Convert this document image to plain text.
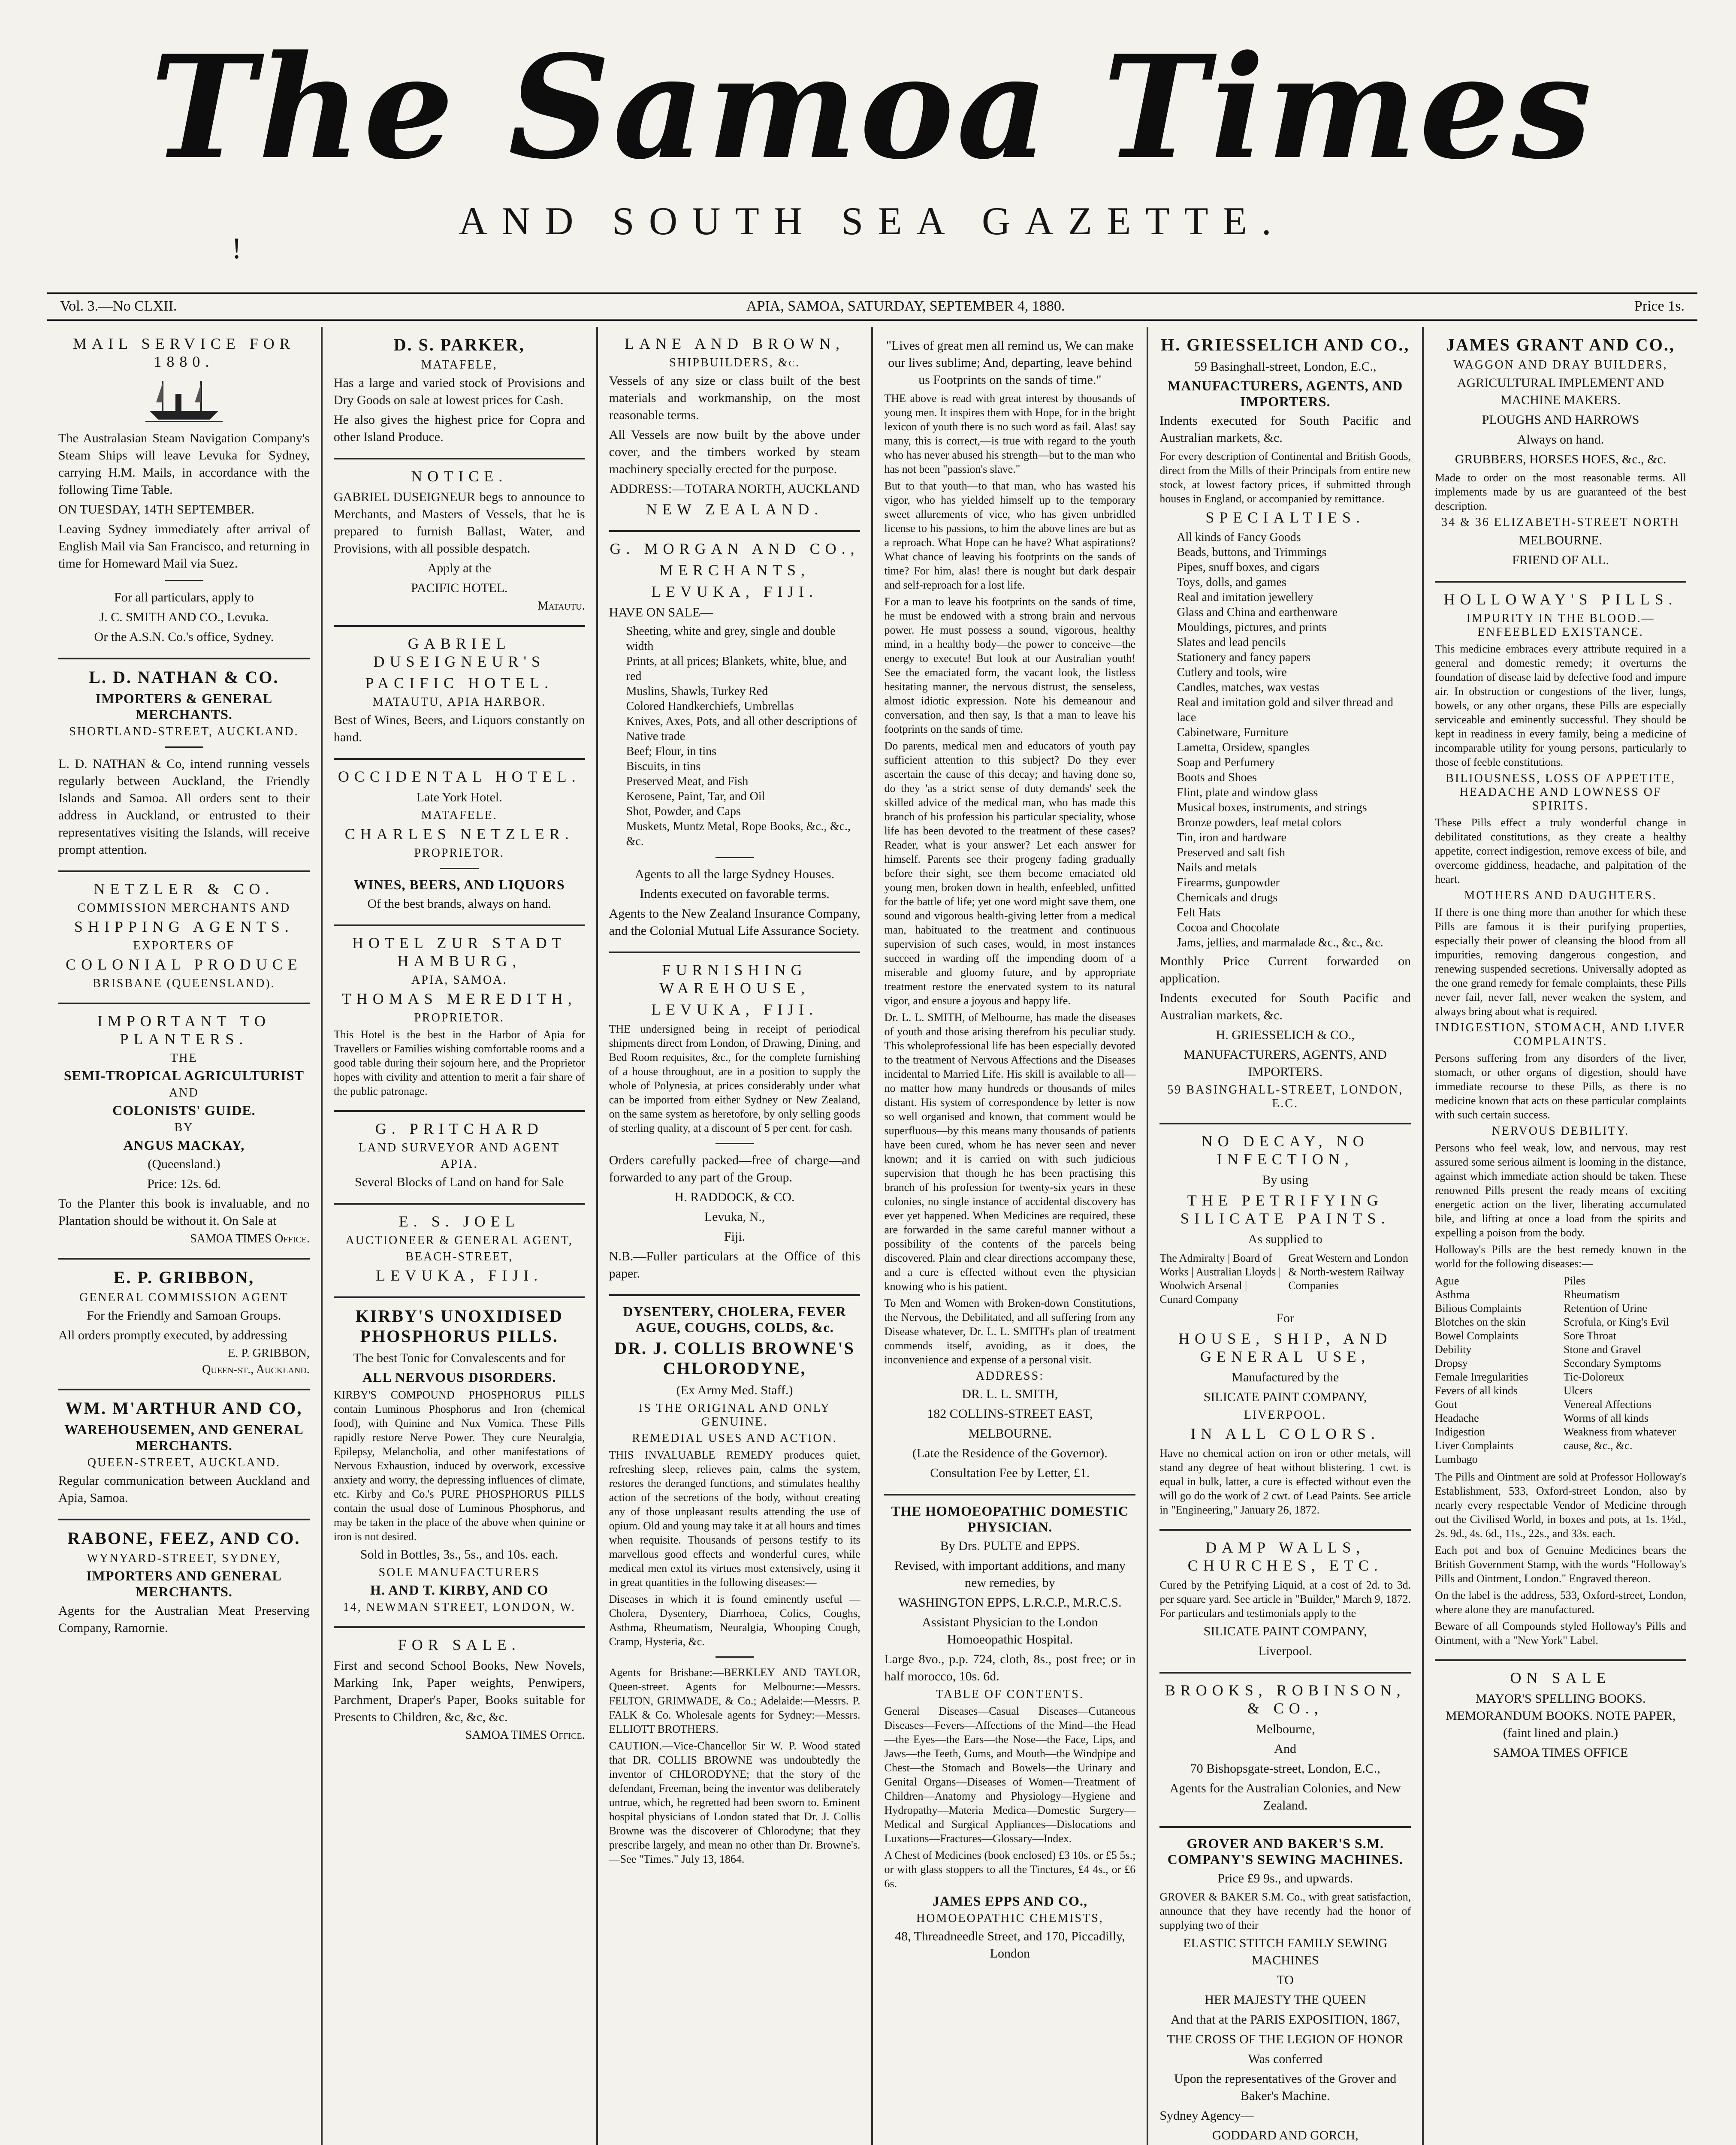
The Samoa Times

AND SOUTH SEA GAZETTE.

!
Vol. 3.—No CLXII.	APIA, SAMOA, SATURDAY, SEPTEMBER 4, 1880.	Price 1s.

MAIL SERVICE FOR 1880.

The Australasian Steam Navigation Company's Steam Ships will leave Levuka for Sydney, carrying H.M. Mails, in accordance with the following Time Table.

ON TUESDAY, 14TH SEPTEMBER.

Leaving Sydney immediately after arrival of English Mail via San Francisco, and returning in time for Homeward Mail via Suez.

For all particulars, apply to

J. C. SMITH AND CO., Levuka.

Or the A.S.N. Co.'s office, Sydney.

L. D. NATHAN & CO.

IMPORTERS & GENERAL MERCHANTS.

SHORTLAND-STREET, AUCKLAND.

L. D. NATHAN & Co, intend running vessels regularly between Auckland, the Friendly Islands and Samoa. All orders sent to their address in Auckland, or entrusted to their representatives visiting the Islands, will receive prompt attention.

NETZLER & CO.

COMMISSION MERCHANTS AND

SHIPPING AGENTS.

EXPORTERS OF

COLONIAL PRODUCE

BRISBANE (QUEENSLAND).

IMPORTANT TO PLANTERS.

THE

SEMI-TROPICAL AGRICULTURIST

AND

COLONISTS' GUIDE.

BY

ANGUS MACKAY,

(Queensland.)

Price: 12s. 6d.

To the Planter this book is invaluable, and no Plantation should be without it. On Sale at

SAMOA TIMES Office.

E. P. GRIBBON,

GENERAL COMMISSION AGENT

For the Friendly and Samoan Groups.

All orders promptly executed, by addressing

E. P. GRIBBON,

Queen-st., Auckland.

WM. M'ARTHUR AND CO,

WAREHOUSEMEN, AND GENERAL MERCHANTS.

QUEEN-STREET, AUCKLAND.

Regular communication between Auckland and Apia, Samoa.

RABONE, FEEZ, AND CO.

WYNYARD-STREET, SYDNEY,

IMPORTERS AND GENERAL MERCHANTS.

Agents for the Australian Meat Preserving Company, Ramornie.

D. S. PARKER,

MATAFELE,

Has a large and varied stock of Provisions and Dry Goods on sale at lowest prices for Cash.

He also gives the highest price for Copra and other Island Produce.

NOTICE.

GABRIEL DUSEIGNEUR begs to announce to Merchants, and Masters of Vessels, that he is prepared to furnish Ballast, Water, and Provisions, with all possible despatch.

Apply at the

PACIFIC HOTEL.

Matautu.

GABRIEL DUSEIGNEUR'S

PACIFIC HOTEL.

MATAUTU, APIA HARBOR.

Best of Wines, Beers, and Liquors constantly on hand.

OCCIDENTAL HOTEL.

Late York Hotel.

MATAFELE.

CHARLES NETZLER.

PROPRIETOR.

WINES, BEERS, AND LIQUORS

Of the best brands, always on hand.

HOTEL ZUR STADT HAMBURG,

APIA, SAMOA.

THOMAS MEREDITH,

PROPRIETOR.

This Hotel is the best in the Harbor of Apia for Travellers or Families wishing comfortable rooms and a good table during their sojourn here, and the Proprietor hopes with civility and attention to merit a fair share of the public patronage.

G. PRITCHARD

LAND SURVEYOR AND AGENT

APIA.

Several Blocks of Land on hand for Sale

E. S. JOEL

AUCTIONEER & GENERAL AGENT,

BEACH-STREET,

LEVUKA, FIJI.

KIRBY'S UNOXIDISED PHOSPHORUS PILLS.

The best Tonic for Convalescents and for

ALL NERVOUS DISORDERS.

KIRBY'S COMPOUND PHOSPHORUS PILLS contain Luminous Phosphorus and Iron (chemical food), with Quinine and Nux Vomica. These Pills rapidly restore Nerve Power. They cure Neuralgia, Epilepsy, Melancholia, and other manifestations of Nervous Exhaustion, induced by overwork, excessive anxiety and worry, the depressing influences of climate, etc. Kirby and Co.'s PURE PHOSPHORUS PILLS contain the usual dose of Luminous Phosphorus, and may be taken in the place of the above when quinine or iron is not desired.

Sold in Bottles, 3s., 5s., and 10s. each.

SOLE MANUFACTURERS

H. AND T. KIRBY, AND CO

14, NEWMAN STREET, LONDON, W.

FOR SALE.

First and second School Books, New Novels, Marking Ink, Paper weights, Penwipers, Parchment, Draper's Paper, Books suitable for Presents to Children, &c, &c, &c.

SAMOA TIMES Office.

LANE AND BROWN,

SHIPBUILDERS, &c.

Vessels of any size or class built of the best materials and workmanship, on the most reasonable terms.

All Vessels are now built by the above under cover, and the timbers worked by steam machinery specially erected for the purpose.

ADDRESS:—TOTARA NORTH, AUCKLAND

NEW ZEALAND.

G. MORGAN AND CO.,

MERCHANTS,

LEVUKA, FIJI.

HAVE ON SALE—

Sheeting, white and grey, single and double width
Prints, at all prices; Blankets, white, blue, and red
Muslins, Shawls, Turkey Red
Colored Handkerchiefs, Umbrellas
Knives, Axes, Pots, and all other descriptions of Native trade
Beef; Flour, in tins
Biscuits, in tins
Preserved Meat, and Fish
Kerosene, Paint, Tar, and Oil
Shot, Powder, and Caps
Muskets, Muntz Metal, Rope Books, &c., &c., &c.

Agents to all the large Sydney Houses.

Indents executed on favorable terms.

Agents to the New Zealand Insurance Company, and the Colonial Mutual Life Assurance Society.

FURNISHING WAREHOUSE,

LEVUKA, FIJI.

THE undersigned being in receipt of periodical shipments direct from London, of Drawing, Dining, and Bed Room requisites, &c., for the complete furnishing of a house throughout, are in a position to supply the whole of Polynesia, at prices considerably under what can be imported from either Sydney or New Zealand, on the same system as heretofore, by only selling goods of sterling quality, at a discount of 5 per cent. for cash.

Orders carefully packed—free of charge—and forwarded to any part of the Group.

H. RADDOCK, & CO.

Levuka, N.,

Fiji.

N.B.—Fuller particulars at the Office of this paper.

DYSENTERY, CHOLERA, FEVER AGUE, COUGHS, COLDS, &c.

DR. J. COLLIS BROWNE'S CHLORODYNE,

(Ex Army Med. Staff.)

IS THE ORIGINAL AND ONLY GENUINE.

REMEDIAL USES AND ACTION.

THIS INVALUABLE REMEDY produces quiet, refreshing sleep, relieves pain, calms the system, restores the deranged functions, and stimulates healthy action of the secretions of the body, without creating any of those unpleasant results attending the use of opium. Old and young may take it at all hours and times when requisite. Thousands of persons testify to its marvellous good effects and wonderful cures, while medical men extol its virtues most extensively, using it in great quantities in the following diseases:—

Diseases in which it is found eminently useful — Cholera, Dysentery, Diarrhoea, Colics, Coughs, Asthma, Rheumatism, Neuralgia, Whooping Cough, Cramp, Hysteria, &c.

Agents for Brisbane:—BERKLEY AND TAYLOR, Queen-street. Agents for Melbourne:—Messrs. FELTON, GRIMWADE, & Co.; Adelaide:—Messrs. P. FALK & Co. Wholesale agents for Sydney:—Messrs. ELLIOTT BROTHERS.

CAUTION.—Vice-Chancellor Sir W. P. Wood stated that DR. COLLIS BROWNE was undoubtedly the inventor of CHLORODYNE; that the story of the defendant, Freeman, being the inventor was deliberately untrue, which, he regretted had been sworn to. Eminent hospital physicians of London stated that Dr. J. Collis Browne was the discoverer of Chlorodyne; that they prescribe largely, and mean no other than Dr. Browne's.—See "Times." July 13, 1864.

"Lives of great men all remind us, We can make our lives sublime; And, departing, leave behind us Footprints on the sands of time."

THE above is read with great interest by thousands of young men. It inspires them with Hope, for in the bright lexicon of youth there is no such word as fail. Alas! say many, this is correct,—is true with regard to the youth who has never abused his strength—but to the man who has not been "passion's slave."

But to that youth—to that man, who has wasted his vigor, who has yielded himself up to the temporary sweet allurements of vice, who has given unbridled license to his passions, to him the above lines are but as a reproach. What Hope can he have? What aspirations? What chance of leaving his footprints on the sands of time? For him, alas! there is nought but dark despair and self-reproach for a lost life.

For a man to leave his footprints on the sands of time, he must be endowed with a strong brain and nervous power. He must possess a sound, vigorous, healthy mind, in a healthy body—the power to conceive—the energy to execute! But look at our Australian youth! See the emaciated form, the vacant look, the listless hesitating manner, the nervous distrust, the senseless, almost idiotic expression. Note his demeanour and conversation, and then say, Is that a man to leave his footprints on the sands of time.

Do parents, medical men and educators of youth pay sufficient attention to this subject? Do they ever ascertain the cause of this decay; and having done so, do they 'as a strict sense of duty demands' seek the skilled advice of the medical man, who has made this branch of his profession his particular speciality, whose life has been devoted to the treatment of these cases? Reader, what is your answer? Let each answer for himself. Parents see their progeny fading gradually before their sight, see them become emaciated old young men, broken down in health, enfeebled, unfitted for the battle of life; yet one word might save them, one sound and vigorous health-giving letter from a medical man, habituated to the treatment and continuous supervision of such cases, would, in most instances succeed in warding off the impending doom of a miserable and gloomy future, and by appropriate treatment restore the enervated system to its natural vigor, and ensure a joyous and happy life.

Dr. L. L. SMITH, of Melbourne, has made the diseases of youth and those arising therefrom his peculiar study. This wholeprofessional life has been especially devoted to the treatment of Nervous Affections and the Diseases incidental to Married Life. His skill is available to all—no matter how many hundreds or thousands of miles distant. His system of correspondence by letter is now so well organised and known, that comment would be superfluous—by this means many thousands of patients have been cured, whom he has never seen and never known; and it is carried on with such judicious supervision that though he has been practising this branch of his profession for twenty-six years in these colonies, no single instance of accidental discovery has ever yet happened. When Medicines are required, these are forwarded in the same careful manner without a possibility of the contents of the parcels being discovered. Plain and clear directions accompany these, and a cure is effected without even the physician knowing who is his patient.

To Men and Women with Broken-down Constitutions, the Nervous, the Debilitated, and all suffering from any Disease whatever, Dr. L. L. SMITH's plan of treatment commends itself, avoiding, as it does, the inconvenience and expense of a personal visit.

ADDRESS:

DR. L. L. SMITH,

182 COLLINS-STREET EAST,

MELBOURNE.

(Late the Residence of the Governor).

Consultation Fee by Letter, £1.

THE HOMOEOPATHIC DOMESTIC PHYSICIAN.

By Drs. PULTE and EPPS.

Revised, with important additions, and many new remedies, by

WASHINGTON EPPS, L.R.C.P., M.R.C.S.

Assistant Physician to the London Homoeopathic Hospital.

Large 8vo., p.p. 724, cloth, 8s., post free; or in half morocco, 10s. 6d.

TABLE OF CONTENTS.

General Diseases—Casual Diseases—Cutaneous Diseases—Fevers—Affections of the Mind—the Head—the Eyes—the Ears—the Nose—the Face, Lips, and Jaws—the Teeth, Gums, and Mouth—the Windpipe and Chest—the Stomach and Bowels—the Urinary and Genital Organs—Diseases of Women—Treatment of Children—Anatomy and Physiology—Hygiene and Hydropathy—Materia Medica—Domestic Surgery—Medical and Surgical Appliances—Dislocations and Luxations—Fractures—Glossary—Index.

A Chest of Medicines (book enclosed) £3 10s. or £5 5s.; or with glass stoppers to all the Tinctures, £4 4s., or £6 6s.

JAMES EPPS AND CO.,

HOMOEOPATHIC CHEMISTS,

48, Threadneedle Street, and 170, Piccadilly, London

H. GRIESSELICH AND CO.,

59 Basinghall-street, London, E.C.,

MANUFACTURERS, AGENTS, AND IMPORTERS.

Indents executed for South Pacific and Australian markets, &c.

For every description of Continental and British Goods, direct from the Mills of their Principals from entire new stock, at lowest factory prices, if submitted through houses in England, or accompanied by remittance.

SPECIALTIES.

All kinds of Fancy Goods
Beads, buttons, and Trimmings
Pipes, snuff boxes, and cigars
Toys, dolls, and games
Real and imitation jewellery
Glass and China and earthenware
Mouldings, pictures, and prints
Slates and lead pencils
Stationery and fancy papers
Cutlery and tools, wire
Candles, matches, wax vestas
Real and imitation gold and silver thread and lace
Cabinetware, Furniture
Lametta, Orsidew, spangles
Soap and Perfumery
Boots and Shoes
Flint, plate and window glass
Musical boxes, instruments, and strings
Bronze powders, leaf metal colors
Tin, iron and hardware
Preserved and salt fish
Nails and metals
Firearms, gunpowder
Chemicals and drugs
Felt Hats
Cocoa and Chocolate
Jams, jellies, and marmalade &c., &c., &c.

Monthly Price Current forwarded on application.

Indents executed for South Pacific and Australian markets, &c.

H. GRIESSELICH & CO.,

MANUFACTURERS, AGENTS, AND IMPORTERS.

59 BASINGHALL-STREET, LONDON, E.C.

NO DECAY, NO INFECTION,

By using

THE PETRIFYING SILICATE PAINTS.

As supplied to

The Admiralty | Board of Works | Australian Lloyds | Woolwich Arsenal | Cunard Company
Great Western and London & North-western Railway Companies

For

HOUSE, SHIP, AND GENERAL USE,

Manufactured by the

SILICATE PAINT COMPANY,

LIVERPOOL.

IN ALL COLORS.

Have no chemical action on iron or other metals, will stand any degree of heat without blistering. 1 cwt. is equal in bulk, latter, a cure is effected without even the will go do the work of 2 cwt. of Lead Paints. See article in "Engineering," January 26, 1872.

DAMP WALLS, CHURCHES, ETC.

Cured by the Petrifying Liquid, at a cost of 2d. to 3d. per square yard. See article in "Builder," March 9, 1872. For particulars and testimonials apply to the

SILICATE PAINT COMPANY,

Liverpool.

BROOKS, ROBINSON, & CO.,

Melbourne,

And

70 Bishopsgate-street, London, E.C.,

Agents for the Australian Colonies, and New Zealand.

GROVER AND BAKER'S S.M. COMPANY'S SEWING MACHINES.

Price £9 9s., and upwards.

GROVER & BAKER S.M. Co., with great satisfaction, announce that they have recently had the honor of supplying two of their

ELASTIC STITCH FAMILY SEWING MACHINES

TO

HER MAJESTY THE QUEEN

And that at the PARIS EXPOSITION, 1867,

THE CROSS OF THE LEGION OF HONOR

Was conferred

Upon the representatives of the Grover and Baker's Machine.

Sydney Agency—

GODDARD AND GORCH,

JAMES GRANT AND CO.,

WAGGON AND DRAY BUILDERS,

AGRICULTURAL IMPLEMENT AND MACHINE MAKERS.

PLOUGHS AND HARROWS

Always on hand.

GRUBBERS, HORSES HOES, &c., &c.

Made to order on the most reasonable terms. All implements made by us are guaranteed of the best description.

34 & 36 ELIZABETH-STREET NORTH

MELBOURNE.

FRIEND OF ALL.

HOLLOWAY'S PILLS.

IMPURITY IN THE BLOOD.—ENFEEBLED EXISTANCE.

This medicine embraces every attribute required in a general and domestic remedy; it overturns the foundation of disease laid by defective food and impure air. In obstruction or congestions of the liver, lungs, bowels, or any other organs, these Pills are especially serviceable and eminently successful. They should be kept in readiness in every family, being a medicine of incomparable utility for young persons, particularly to those of feeble constitutions.

BILIOUSNESS, LOSS OF APPETITE, HEADACHE AND LOWNESS OF SPIRITS.

These Pills effect a truly wonderful change in debilitated constitutions, as they create a healthy appetite, correct indigestion, remove excess of bile, and overcome giddiness, headache, and palpitation of the heart.

MOTHERS AND DAUGHTERS.

If there is one thing more than another for which these Pills are famous it is their purifying properties, especially their power of cleansing the blood from all impurities, removing dangerous congestion, and renewing suspended secretions. Universally adopted as the one grand remedy for female complaints, these Pills never fail, never fall, never weaken the system, and always bring about what is required.

INDIGESTION, STOMACH, AND LIVER COMPLAINTS.

Persons suffering from any disorders of the liver, stomach, or other organs of digestion, should have immediate recourse to these Pills, as there is no medicine known that acts on these particular complaints with such certain success.

NERVOUS DEBILITY.

Persons who feel weak, low, and nervous, may rest assured some serious ailment is looming in the distance, against which immediate action should be taken. These renowned Pills present the ready means of exciting energetic action on the liver, liberating accumulated bile, and lifting at once a load from the spirits and expelling a poison from the body.

Holloway's Pills are the best remedy known in the world for the following diseases:—

Ague
Asthma
Bilious Complaints
Blotches on the skin
Bowel Complaints
Debility
Dropsy
Female Irregularities
Fevers of all kinds
Gout
Headache
Indigestion
Liver Complaints
Lumbago
Piles
Rheumatism
Retention of Urine
Scrofula, or King's Evil
Sore Throat
Stone and Gravel
Secondary Symptoms
Tic-Doloreux
Ulcers
Venereal Affections
Worms of all kinds
Weakness from whatever cause, &c., &c.

The Pills and Ointment are sold at Professor Holloway's Establishment, 533, Oxford-street London, also by nearly every respectable Vendor of Medicine through out the Civilised World, in boxes and pots, at 1s. 1½d., 2s. 9d., 4s. 6d., 11s., 22s., and 33s. each.

Each pot and box of Genuine Medicines bears the British Government Stamp, with the words "Holloway's Pills and Ointment, London." Engraved thereon.

On the label is the address, 533, Oxford-street, London, where alone they are manufactured.

Beware of all Compounds styled Holloway's Pills and Ointment, with a "New York" Label.

ON SALE

MAYOR'S SPELLING BOOKS. MEMORANDUM BOOKS. NOTE PAPER, (faint lined and plain.)

SAMOA TIMES OFFICE
